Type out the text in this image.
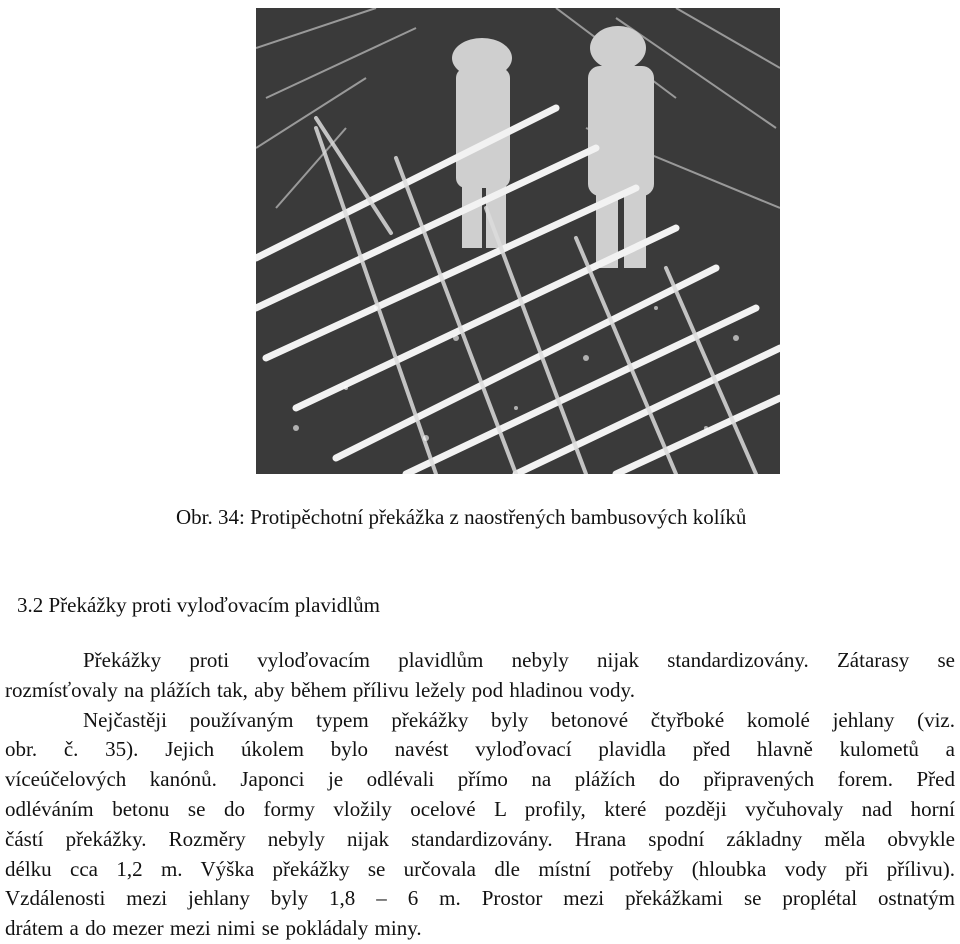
Obr. 34: Protipěchotní překážka z naostřených bambusových kolíků
3.2 Překážky proti vyloďovacím plavidlům
Překážky proti vyloďovacím plavidlům nebyly nijak standardizovány. Zátarasy se
rozmísťovaly na plážích tak, aby během přílivu ležely pod hladinou vody.
Nejčastěji používaným typem překážky byly betonové čtyřboké komolé jehlany (viz.
obr. č. 35). Jejich úkolem bylo navést vyloďovací plavidla před hlavně kulometů a
víceúčelových kanónů. Japonci je odlévali přímo na plážích do připravených forem. Před
odléváním betonu se do formy vložily ocelové L profily, které později vyčuhovaly nad horní
částí překážky. Rozměry nebyly nijak standardizovány. Hrana spodní základny měla obvykle
délku cca 1,2 m. Výška překážky se určovala dle místní potřeby (hloubka vody při přílivu).
Vzdálenosti mezi jehlany byly 1,8 – 6 m. Prostor mezi překážkami se proplétal ostnatým
drátem a do mezer mezi nimi se pokládaly miny.
